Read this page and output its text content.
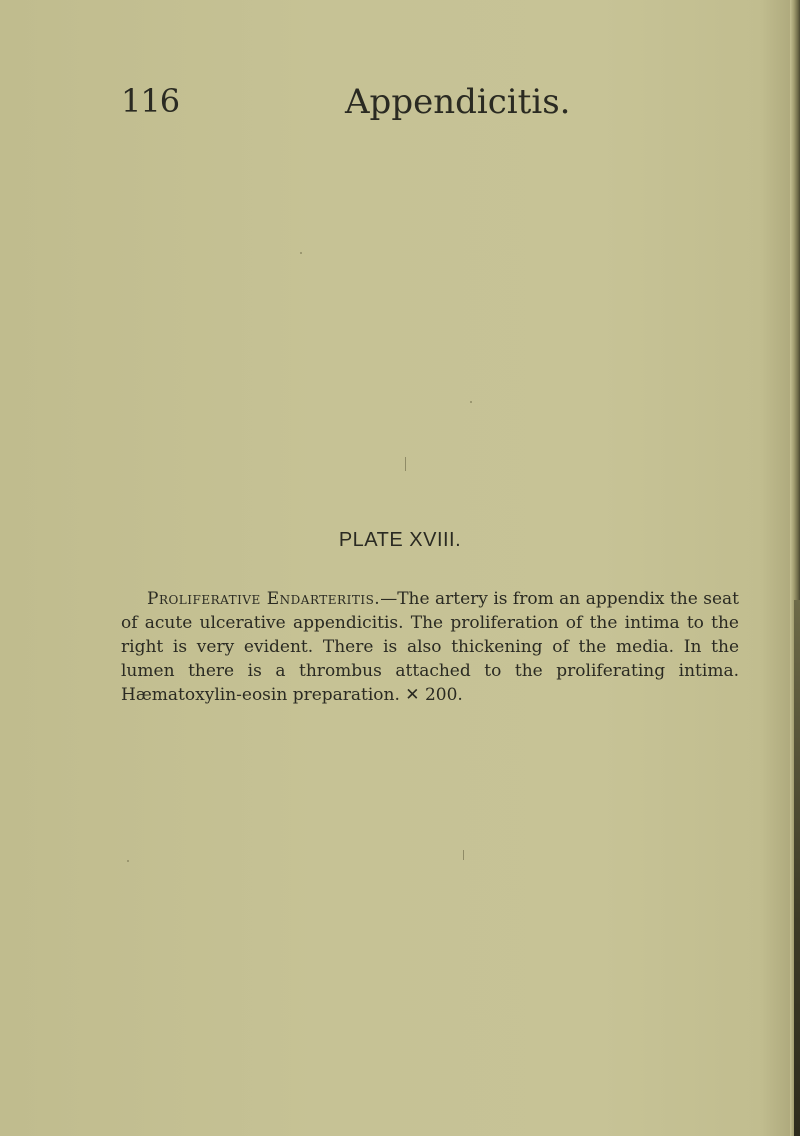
116	Appendicitis.
PLATE XVIII.

Proliferative Endarteritis.—The artery is from an appendix the seat of acute ulcerative appendicitis. The proliferation of the intima to the right is very evident. There is also thickening of the media. In the lumen there is a thrombus attached to the proliferating intima. Hæmatoxylin-eosin preparation. ✕ 200.
